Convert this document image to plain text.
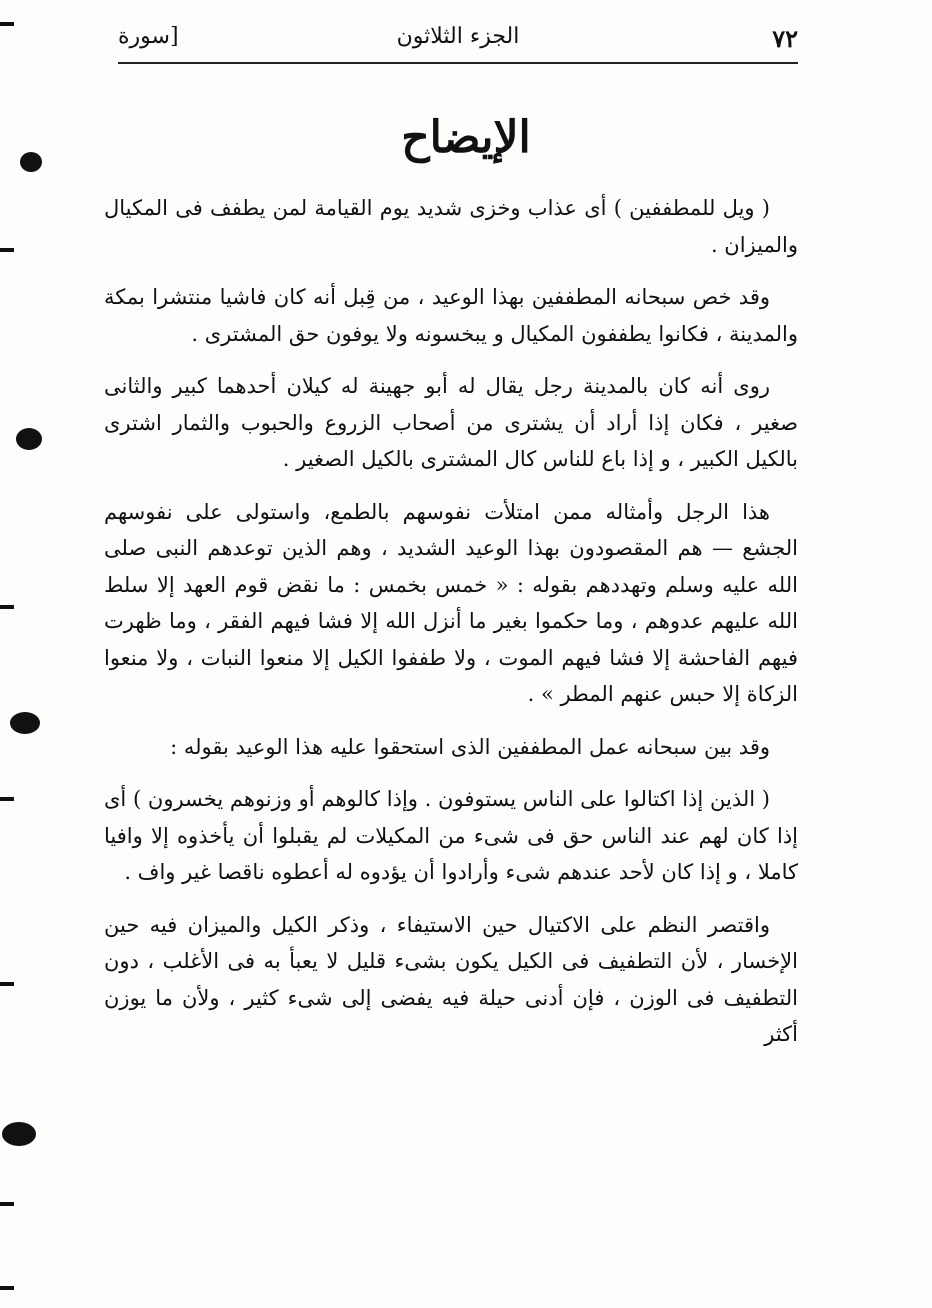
٧٢
الجزء الثلاثون
[سورة
الإيضاح

( ويل للمطففين ) أى عذاب وخزى شديد يوم القيامة لمن يطفف فى المكيال والميزان .

وقد خص سبحانه المطففين بهذا الوعيد ، من قِبل أنه كان فاشيا منتشرا بمكة والمدينة ، فكانوا يطففون المكيال و يبخسونه ولا يوفون حق المشترى .

روى أنه كان بالمدينة رجل يقال له أبو جهينة له كيلان أحدهما كبير والثانى صغير ، فكان إذا أراد أن يشترى من أصحاب الزروع والحبوب والثمار اشترى بالكيل الكبير ، و إذا باع للناس كال المشترى بالكيل الصغير .

هذا الرجل وأمثاله ممن امتلأت نفوسهم بالطمع، واستولى على نفوسهم الجشع — هم المقصودون بهذا الوعيد الشديد ، وهم الذين توعدهم النبى صلى الله عليه وسلم وتهددهم بقوله : « خمس بخمس : ما نقض قوم العهد إلا سلط الله عليهم عدوهم ، وما حكموا بغير ما أنزل الله إلا فشا فيهم الفقر ، وما ظهرت فيهم الفاحشة إلا فشا فيهم الموت ، ولا طففوا الكيل إلا منعوا النبات ، ولا منعوا الزكاة إلا حبس عنهم المطر » .

وقد بين سبحانه عمل المطففين الذى استحقوا عليه هذا الوعيد بقوله :

( الذين إذا اكتالوا على الناس يستوفون . وإذا كالوهم أو وزنوهم يخسرون ) أى إذا كان لهم عند الناس حق فى شىء من المكيلات لم يقبلوا أن يأخذوه إلا وافيا كاملا ، و إذا كان لأحد عندهم شىء وأرادوا أن يؤدوه له أعطوه ناقصا غير واف .

واقتصر النظم على الاكتيال حين الاستيفاء ، وذكر الكيل والميزان فيه حين الإخسار ، لأن التطفيف فى الكيل يكون بشىء قليل لا يعبأ به فى الأغلب ، دون التطفيف فى الوزن ، فإن أدنى حيلة فيه يفضى إلى شىء كثير ، ولأن ما يوزن أكثر
